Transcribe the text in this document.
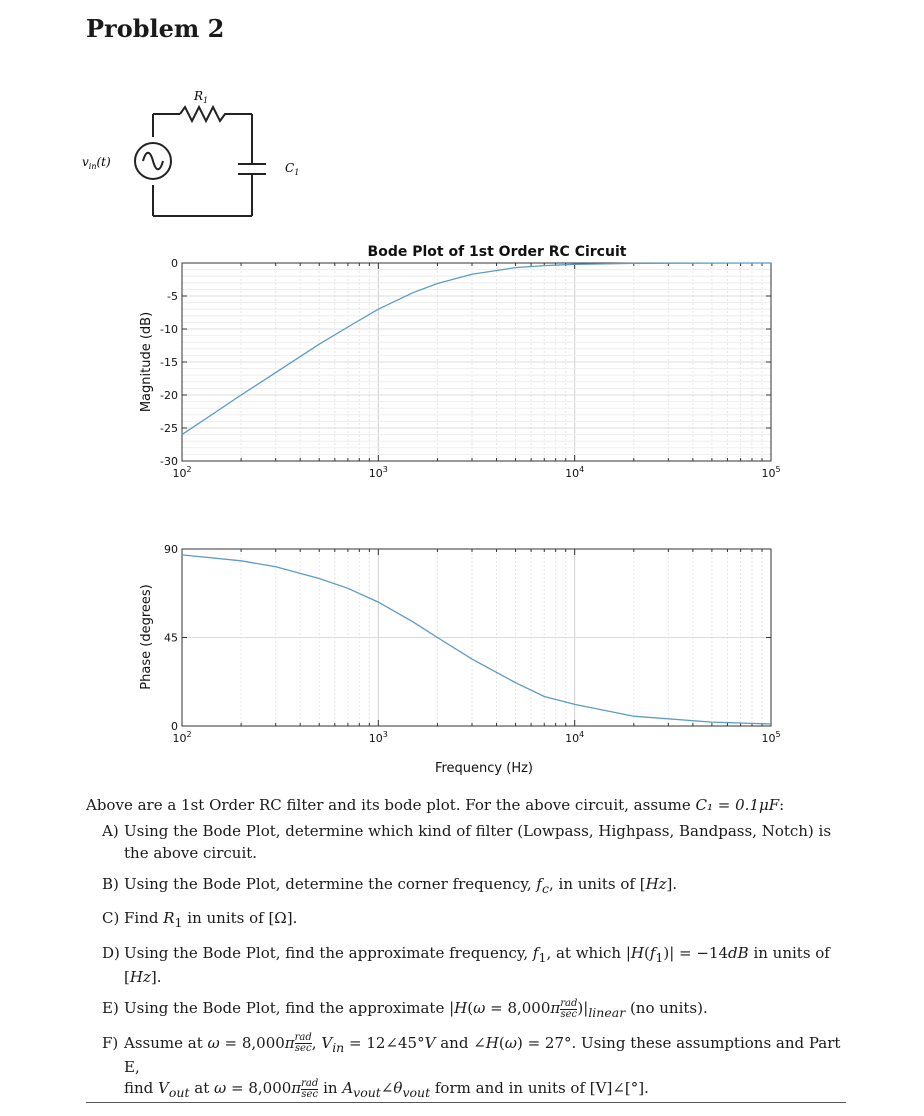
Problem 2
$v_{in}(t)$
$R_1$
$C_1$
Bode Plot of 1st Order RC Circuit
0
-5
-10
-15
-20
-25
-30
$10^2$	$10^3$	$10^4$	$10^5$
Magnitude (dB)
0
45
90
$10^2$	$10^3$	$10^4$	$10^5$
Phase (degrees)
Frequency (Hz)

Above are a 1st Order RC filter and its bode plot. For the above circuit, assume C₁ = 0.1μF:

A) Using the Bode Plot, determine which kind of filter (Lowpass, Highpass, Bandpass, Notch) is the above circuit.
B) Using the Bode Plot, determine the corner frequency, $f_c$, in units of [Hz].
C) Find $R_1$ in units of [Ω].
D) Using the Bode Plot, find the approximate frequency, $f_1$, at which $|H(f_1)| = -14dB$ in units of [Hz].
E) Using the Bode Plot, find the approximate |H(ω = 8,000π rad
$\sec )|_{linear}$ (no units).
F) Assume at ω = 8,000π rad
sec , $V_{in}$ = 12∠45°V and ∠H(ω) = 27°. Using these assumptions and Part E,
find $V_{out}$ at ω = 8,000π rad
sec in $A_{vout}\angle\theta_{vout}$ form and in units of [V]∠[°].
